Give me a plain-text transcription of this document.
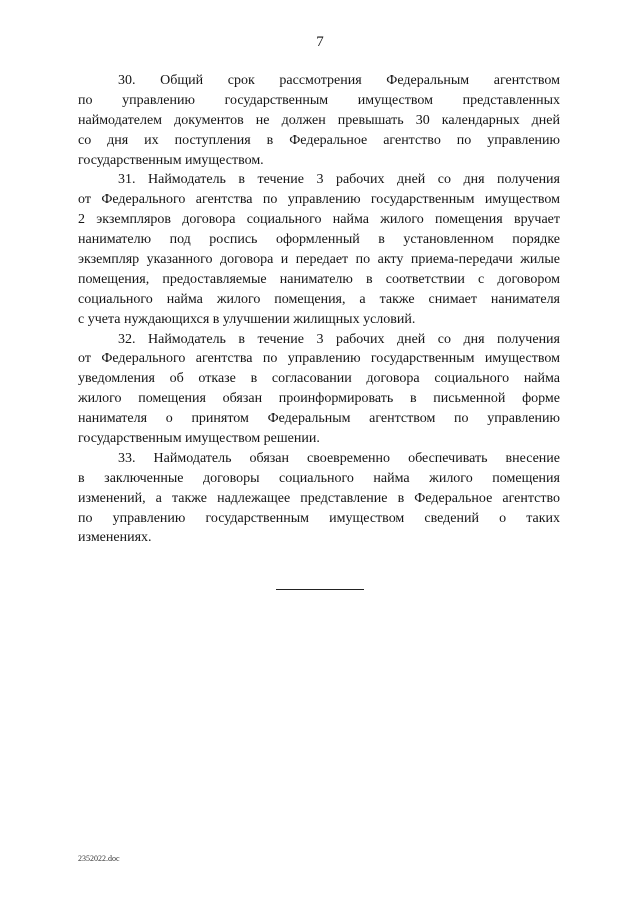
7
30. Общий срок рассмотрения Федеральным агентством
по управлению государственным имуществом представленных
наймодателем документов не должен превышать 30 календарных дней
со дня их поступления в Федеральное агентство по управлению
государственным имуществом.
31. Наймодатель в течение 3 рабочих дней со дня получения
от Федерального агентства по управлению государственным имуществом
2 экземпляров договора социального найма жилого помещения вручает
нанимателю под роспись оформленный в установленном порядке
экземпляр указанного договора и передает по акту приема-передачи жилые
помещения, предоставляемые нанимателю в соответствии с договором
социального найма жилого помещения, а также снимает нанимателя
с учета нуждающихся в улучшении жилищных условий.
32. Наймодатель в течение 3 рабочих дней со дня получения
от Федерального агентства по управлению государственным имуществом
уведомления об отказе в согласовании договора социального найма
жилого помещения обязан проинформировать в письменной форме
нанимателя о принятом Федеральным агентством по управлению
государственным имуществом решении.
33. Наймодатель обязан своевременно обеспечивать внесение
в заключенные договоры социального найма жилого помещения
изменений, а также надлежащее представление в Федеральное агентство
по управлению государственным имуществом сведений о таких
изменениях.
2352022.doc
